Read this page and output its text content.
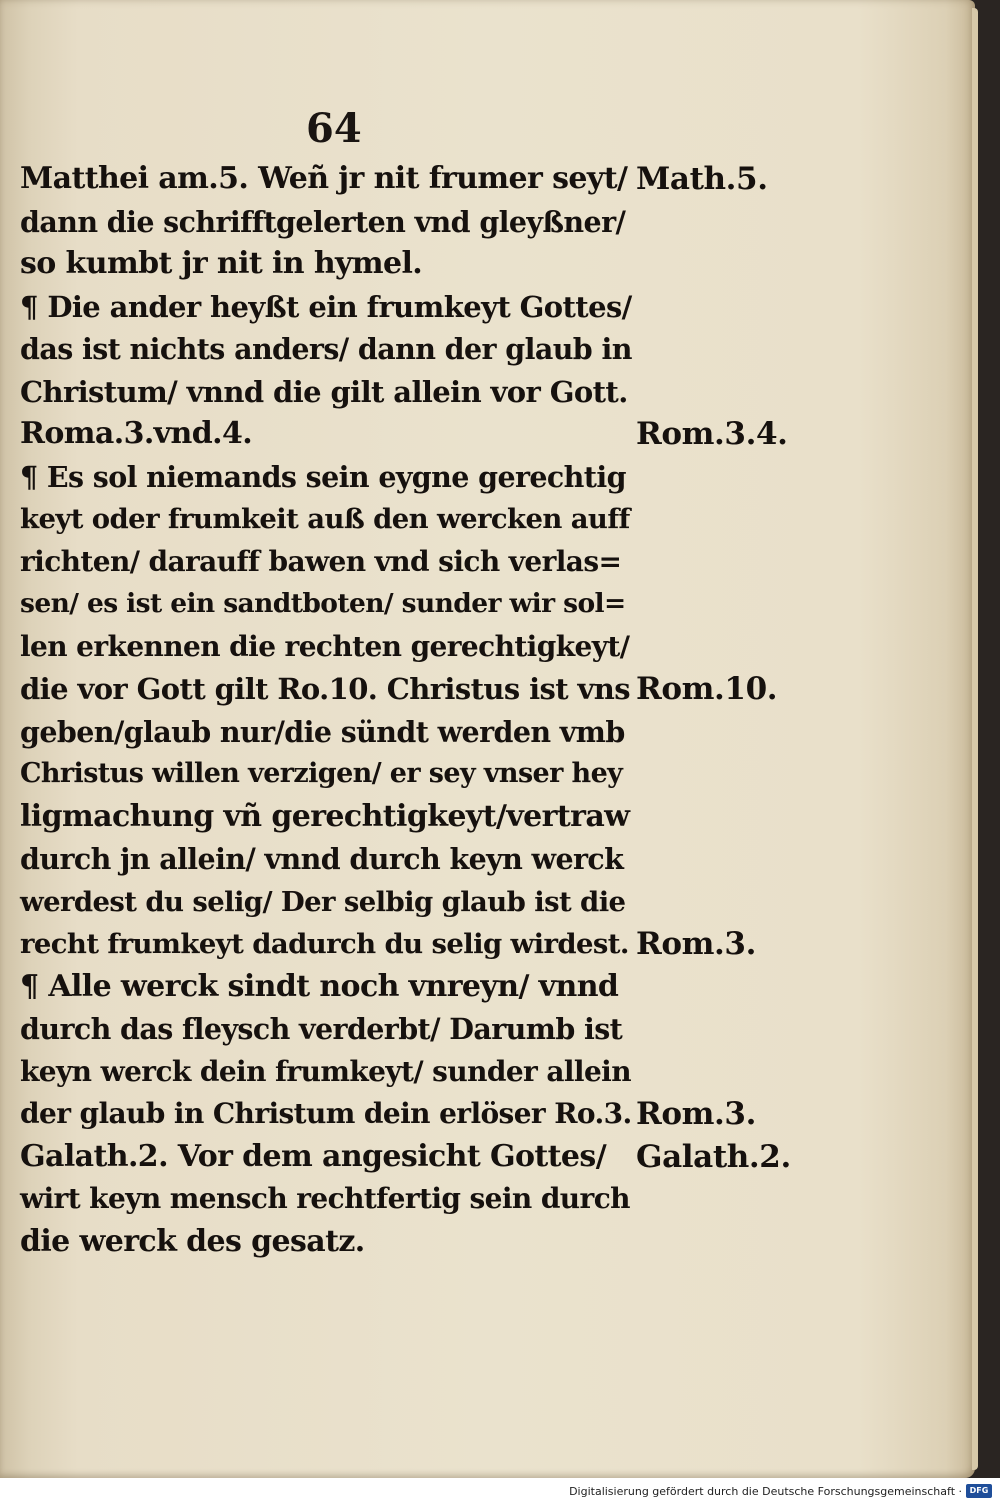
64
Matthei am.5. Weñ jr nit frumer seyt/
dann die schrifftgelerten vnd gleyßner/
so kumbt jr nit in hymel.
¶ Die ander heyßt ein frumkeyt Gottes/
das ist nichts anders/ dann der glaub in
Christum/ vnnd die gilt allein vor Gott.
Roma.3.vnd.4.
¶ Es sol niemands sein eygne gerechtig
keyt oder frumkeit auß den wercken auff
richten/ darauff bawen vnd sich verlas=
sen/ es ist ein sandtboten/ sunder wir sol=
len erkennen die rechten gerechtigkeyt/
die vor Gott gilt Ro.10. Christus ist vns
geben/glaub nur/die sündt werden vmb
Christus willen verzigen/ er sey vnser hey
ligmachung vñ gerechtigkeyt/vertraw
durch jn allein/ vnnd durch keyn werck
werdest du selig/ Der selbig glaub ist die
recht frumkeyt dadurch du selig wirdest.
¶ Alle werck sindt noch vnreyn/ vnnd
durch das fleysch verderbt/ Darumb ist
keyn werck dein frumkeyt/ sunder allein
der glaub in Christum dein erlöser Ro.3.
Galath.2. Vor dem angesicht Gottes/
wirt keyn mensch rechtfertig sein durch
die werck des gesatz.
Math.5.
Rom.3.4.
Rom.10.
Rom.3.
Rom.3.
Galath.2.
Digitalisierung gefördert durch die Deutsche Forschungsgemeinschaft · DFG
